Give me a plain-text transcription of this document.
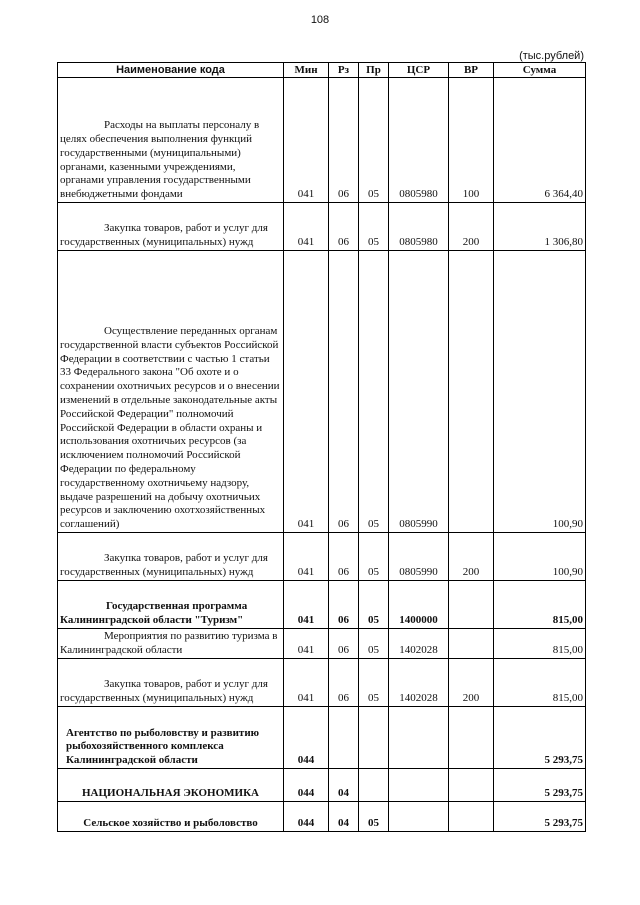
108
(тыс.рублей)
Наименование кода	Мин	Рз	Пр	ЦСР	ВР	Сумма
Расходы на выплаты персоналу в целях обеспечения выполнения функций государственными (муниципальными) органами, казенными учреждениями, органами управления государственными внебюджетными фондами	041	06	05	0805980	100	6 364,40
Закупка товаров, работ и услуг для государственных (муниципальных) нужд	041	06	05	0805980	200	1 306,80
Осуществление переданных органам государственной власти субъектов Российской Федерации в соответствии с частью 1 статьи 33 Федерального закона "Об охоте и о сохранении охотничьих ресурсов и о внесении изменений в отдельные законодательные акты Российской Федерации" полномочий Российской Федерации в области охраны и использования охотничьих ресурсов (за исключением полномочий Российской Федерации по федеральному государственному охотничьему надзору, выдаче разрешений на добычу охотничьих ресурсов и заключению охотхозяйственных соглашений)	041	06	05	0805990		100,90
Закупка товаров, работ и услуг для государственных (муниципальных) нужд	041	06	05	0805990	200	100,90
Государственная программа Калининградской области "Туризм"	041	06	05	1400000		815,00
Мероприятия по развитию туризма в Калининградской области	041	06	05	1402028		815,00
Закупка товаров, работ и услуг для государственных (муниципальных) нужд	041	06	05	1402028	200	815,00
Агентство по рыболовству и развитию рыбохозяйственного комплекса Калининградской области	044					5 293,75
НАЦИОНАЛЬНАЯ ЭКОНОМИКА	044	04				5 293,75
Сельское хозяйство и рыболовство	044	04	05			5 293,75
